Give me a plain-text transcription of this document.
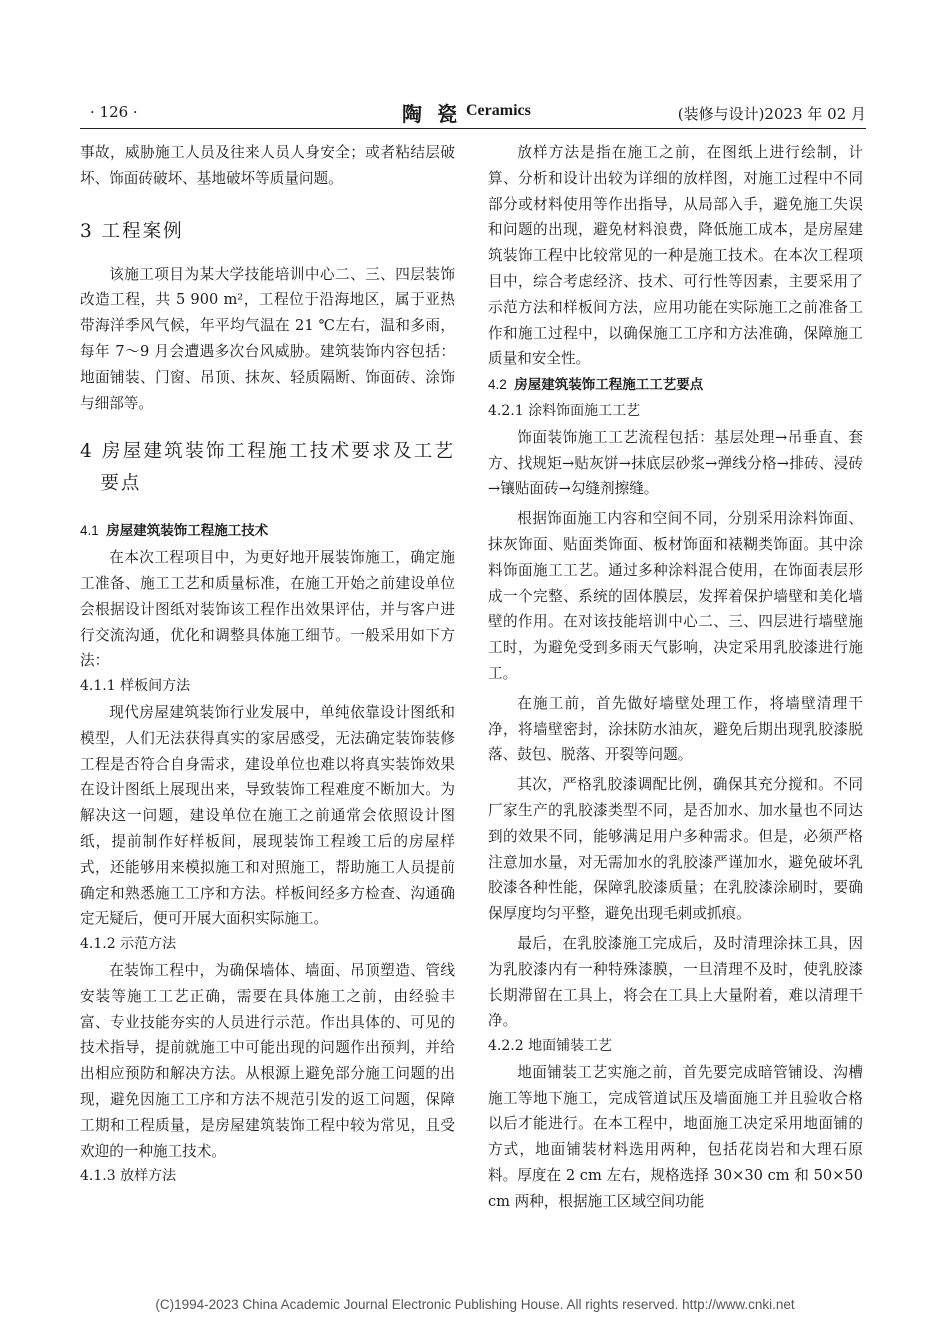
· 126 ·	陶 瓷 Ceramics	(装修与设计)2023 年 02 月

事故，威胁施工人员及往来人员人身安全；或者粘结层破坏、饰面砖破坏、基地破坏等质量问题。

3 工程案例

该施工项目为某大学技能培训中心二、三、四层装饰改造工程，共 5 900 m²，工程位于沿海地区，属于亚热带海洋季风气候，年平均气温在 21 ℃左右，温和多雨，每年 7～9 月会遭遇多次台风威胁。建筑装饰内容包括：地面铺装、门窗、吊顶、抹灰、轻质隔断、饰面砖、涂饰与细部等。

4 房屋建筑装饰工程施工技术要求及工艺要点

4.1 房屋建筑装饰工程施工技术

在本次工程项目中，为更好地开展装饰施工，确定施工准备、施工工艺和质量标准，在施工开始之前建设单位会根据设计图纸对装饰该工程作出效果评估，并与客户进行交流沟通，优化和调整具体施工细节。一般采用如下方法：

4.1.1 样板间方法

现代房屋建筑装饰行业发展中，单纯依靠设计图纸和模型，人们无法获得真实的家居感受，无法确定装饰装修工程是否符合自身需求，建设单位也难以将真实装饰效果在设计图纸上展现出来，导致装饰工程难度不断加大。为解决这一问题，建设单位在施工之前通常会依照设计图纸，提前制作好样板间，展现装饰工程竣工后的房屋样式，还能够用来模拟施工和对照施工，帮助施工人员提前确定和熟悉施工工序和方法。样板间经多方检查、沟通确定无疑后，便可开展大面积实际施工。

4.1.2 示范方法

在装饰工程中，为确保墙体、墙面、吊顶塑造、管线安装等施工工艺正确，需要在具体施工之前，由经验丰富、专业技能夯实的人员进行示范。作出具体的、可见的技术指导，提前就施工中可能出现的问题作出预判，并给出相应预防和解决方法。从根源上避免部分施工问题的出现，避免因施工工序和方法不规范引发的返工问题，保障工期和工程质量，是房屋建筑装饰工程中较为常见，且受欢迎的一种施工技术。

4.1.3 放样方法

放样方法是指在施工之前，在图纸上进行绘制，计算、分析和设计出较为详细的放样图，对施工过程中不同部分或材料使用等作出指导，从局部入手，避免施工失误和问题的出现，避免材料浪费，降低施工成本，是房屋建筑装饰工程中比较常见的一种是施工技术。在本次工程项目中，综合考虑经济、技术、可行性等因素，主要采用了示范方法和样板间方法，应用功能在实际施工之前准备工作和施工过程中，以确保施工工序和方法准确，保障施工质量和安全性。

4.2 房屋建筑装饰工程施工工艺要点

4.2.1 涂料饰面施工工艺

饰面装饰施工工艺流程包括：基层处理→吊垂直、套方、找规矩→贴灰饼→抹底层砂浆→弹线分格→排砖、浸砖→镶贴面砖→勾缝剂擦缝。

根据饰面施工内容和空间不同，分别采用涂料饰面、抹灰饰面、贴面类饰面、板材饰面和裱糊类饰面。其中涂料饰面施工工艺。通过多种涂料混合使用，在饰面表层形成一个完整、系统的固体膜层，发挥着保护墙壁和美化墙壁的作用。在对该技能培训中心二、三、四层进行墙壁施工时，为避免受到多雨天气影响，决定采用乳胶漆进行施工。

在施工前，首先做好墙壁处理工作，将墙壁清理干净，将墙壁密封，涂抹防水油灰，避免后期出现乳胶漆脱落、鼓包、脱落、开裂等问题。

其次，严格乳胶漆调配比例，确保其充分搅和。不同厂家生产的乳胶漆类型不同，是否加水、加水量也不同达到的效果不同，能够满足用户多种需求。但是，必须严格注意加水量，对无需加水的乳胶漆严谨加水，避免破坏乳胶漆各种性能，保障乳胶漆质量；在乳胶漆涂刷时，要确保厚度均匀平整，避免出现毛刺或抓痕。

最后，在乳胶漆施工完成后，及时清理涂抹工具，因为乳胶漆内有一种特殊漆膜，一旦清理不及时，使乳胶漆长期滞留在工具上，将会在工具上大量附着，难以清理干净。

4.2.2 地面铺装工艺

地面铺装工艺实施之前，首先要完成暗管铺设、沟槽施工等地下施工，完成管道试压及墙面施工并且验收合格以后才能进行。在本工程中，地面施工决定采用地面铺的方式，地面铺装材料选用两种，包括花岗岩和大理石原料。厚度在 2 cm 左右，规格选择 30×30 cm 和 50×50 cm 两种，根据施工区域空间功能

(C)1994-2023 China Academic Journal Electronic Publishing House. All rights reserved. http://www.cnki.net
